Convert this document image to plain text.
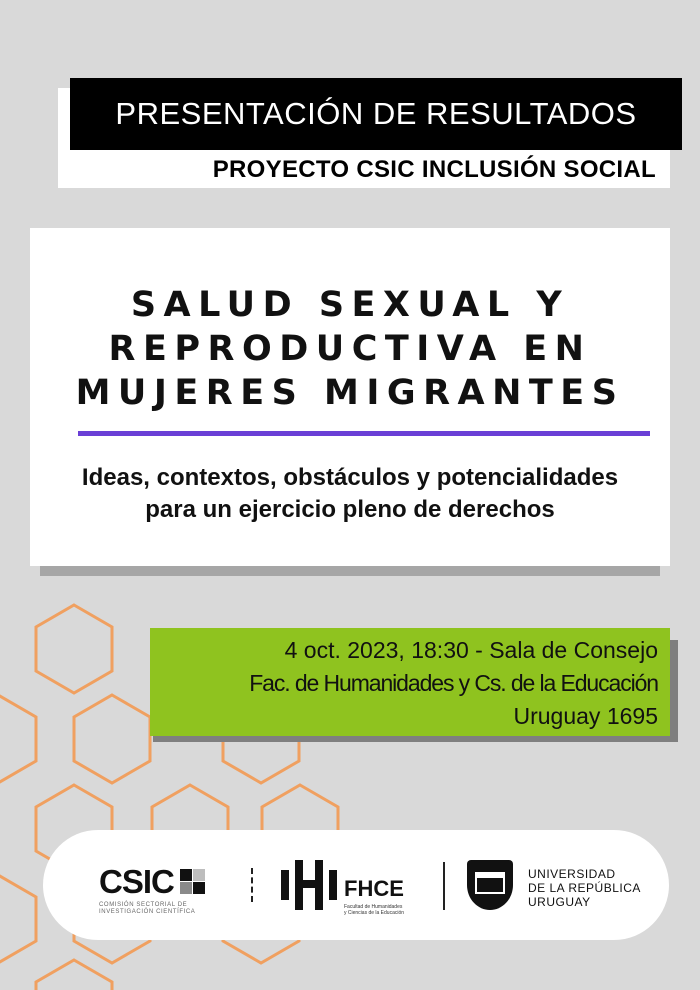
PRESENTACIÓN DE RESULTADOS
PROYECTO CSIC INCLUSIÓN SOCIAL
SALUD SEXUAL Y
REPRODUCTIVA EN
MUJERES MIGRANTES
Ideas, contextos, obstáculos y potencialidades
para un ejercicio pleno de derechos
4 oct. 2023, 18:30 - Sala de Consejo
Fac. de Humanidades y Cs. de la Educación
Uruguay 1695
CSIC
COMISIÓN SECTORIAL DE
INVESTIGACIÓN CIENTÍFICA
FHCE
Facultad de Humanidades
y Ciencias de la Educación
UNIVERSIDAD
DE LA REPÚBLICA
URUGUAY
